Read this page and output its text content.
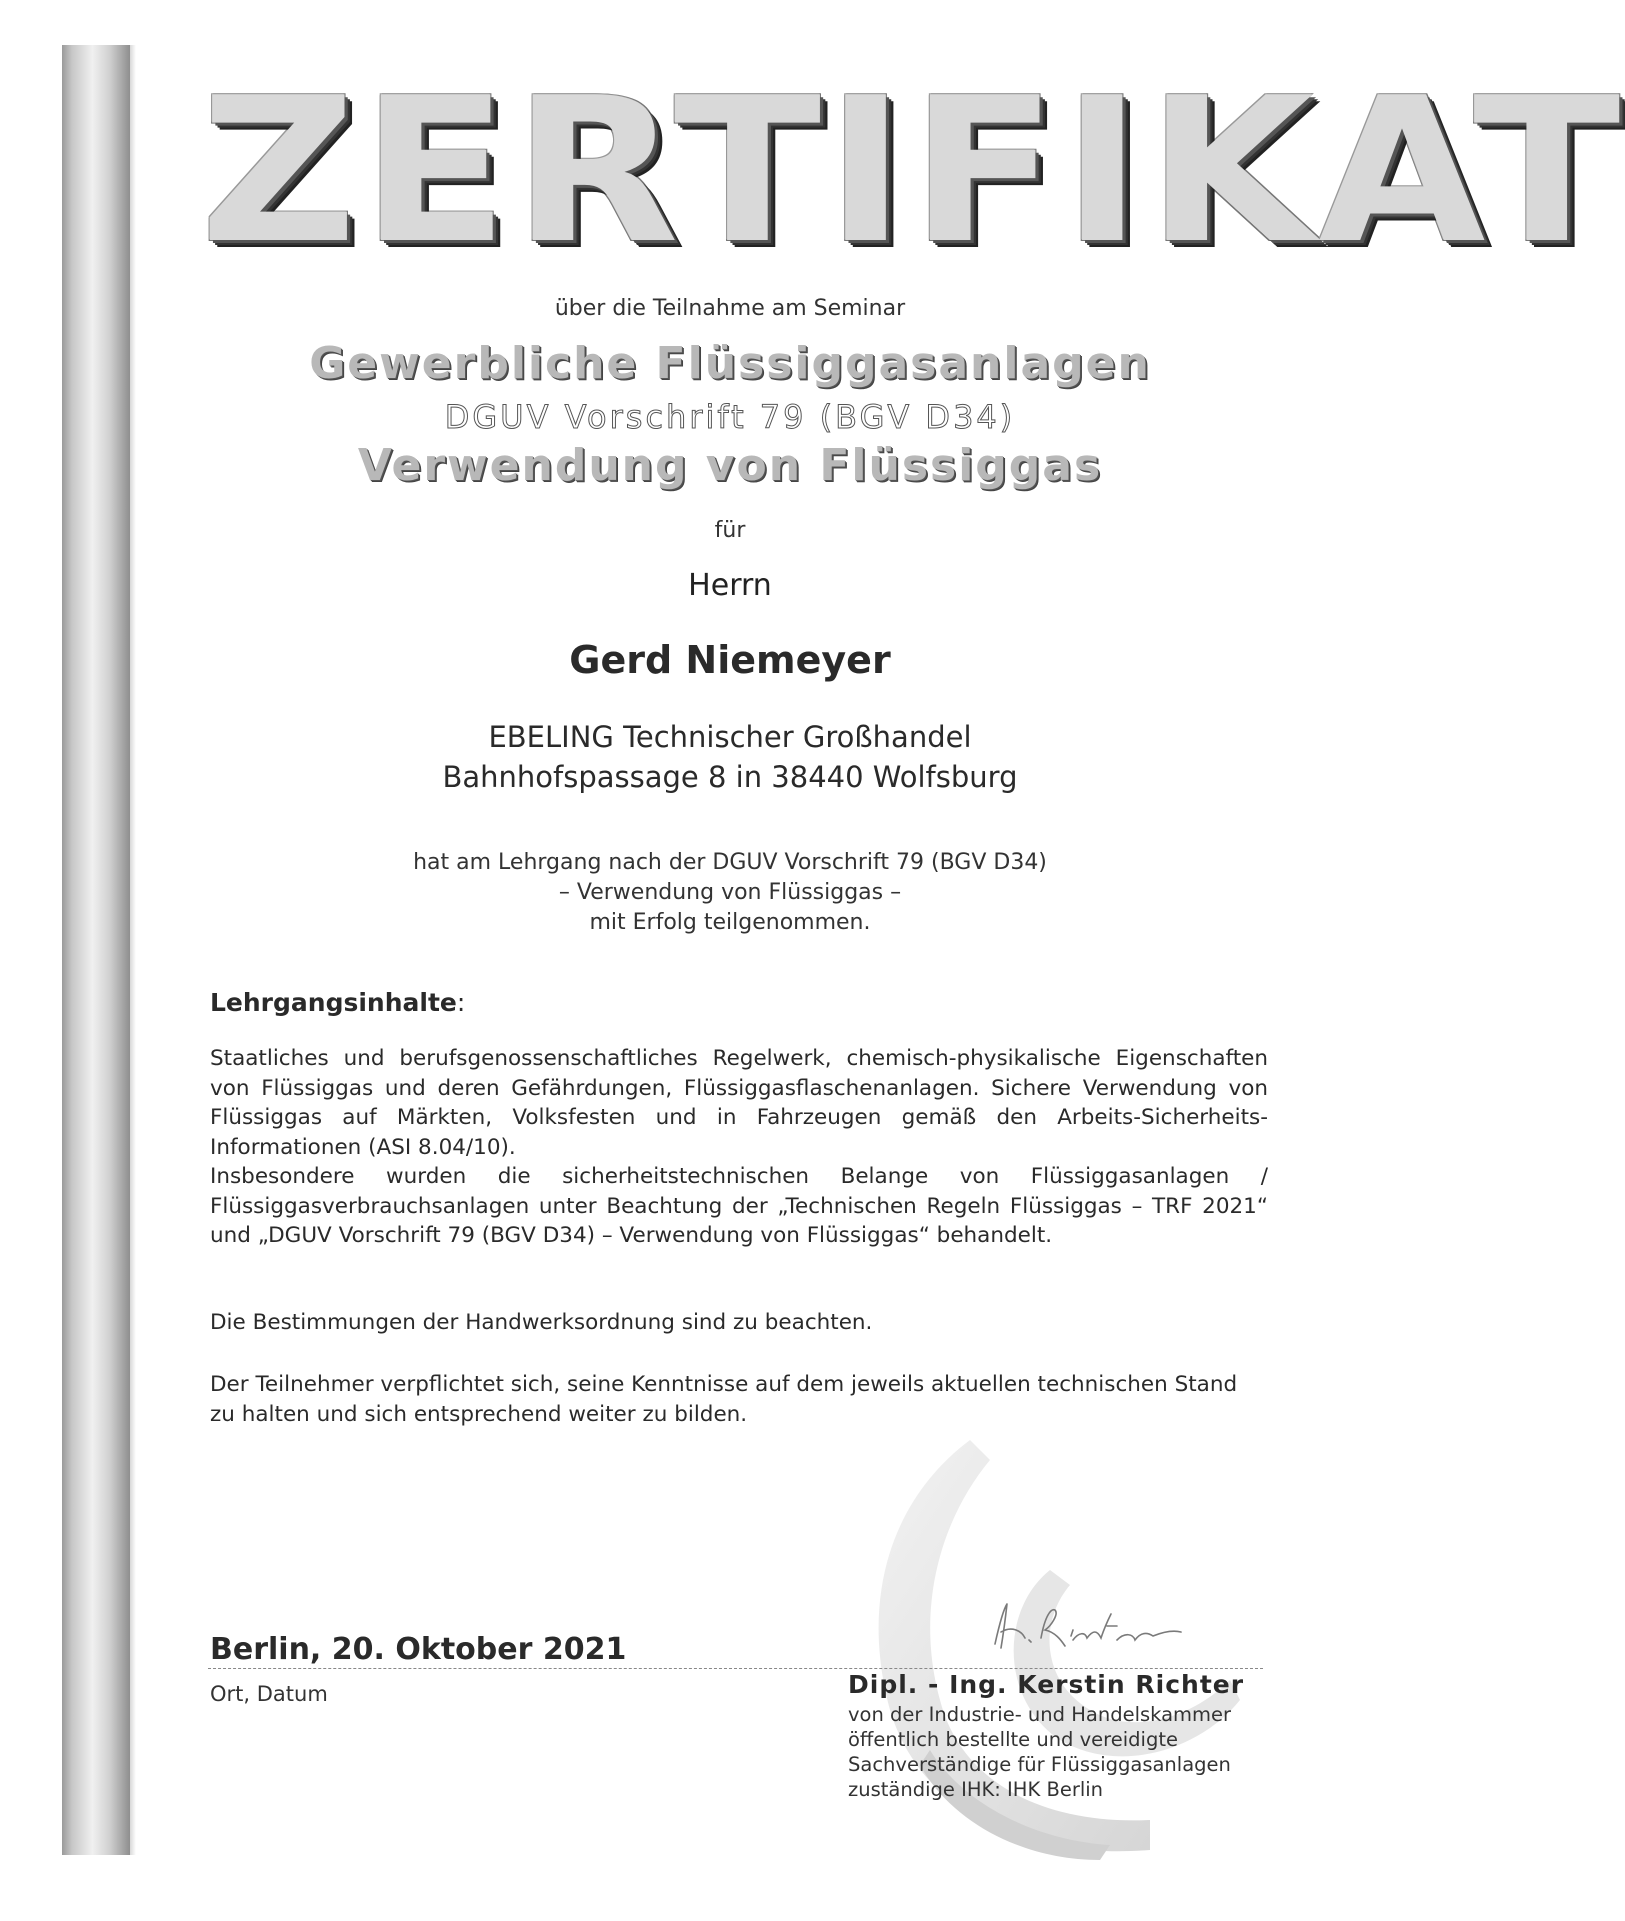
ZERTIFIKAT
über die Teilnahme am Seminar
Gewerbliche Flüssiggasanlagen
DGUV Vorschrift 79 (BGV D34)
Verwendung von Flüssiggas
für
Herrn
Gerd Niemeyer
EBELING Technischer Großhandel
Bahnhofspassage 8 in 38440 Wolfsburg
hat am Lehrgang nach der DGUV Vorschrift 79 (BGV D34)
– Verwendung von Flüssiggas –
mit Erfolg teilgenommen.
Lehrgangsinhalte:

Staatliches und berufsgenossenschaftliches Regelwerk, chemisch-physikalische Eigenschaften von Flüssiggas und deren Gefährdungen, Flüssiggasflaschenanlagen. Sichere Verwendung von Flüssiggas auf Märkten, Volksfesten und in Fahrzeugen gemäß den Arbeits-Sicherheits-Informationen (ASI 8.04/10).

Insbesondere wurden die sicherheitstechnischen Belange von Flüssiggasanlagen / Flüssiggasverbrauchsanlagen unter Beachtung der „Technischen Regeln Flüssiggas – TRF 2021“ und „DGUV Vorschrift 79 (BGV D34) – Verwendung von Flüssiggas“ behandelt.

Die Bestimmungen der Handwerksordnung sind zu beachten.
Der Teilnehmer verpflichtet sich, seine Kenntnisse auf dem jeweils aktuellen technischen Stand zu halten und sich entsprechend weiter zu bilden.
Berlin, 20. Oktober 2021
Ort, Datum	Dipl. - Ing. Kerstin Richter
von der Industrie- und Handelskammer
öffentlich bestellte und vereidigte
Sachverständige für Flüssiggasanlagen
zuständige IHK: IHK Berlin
